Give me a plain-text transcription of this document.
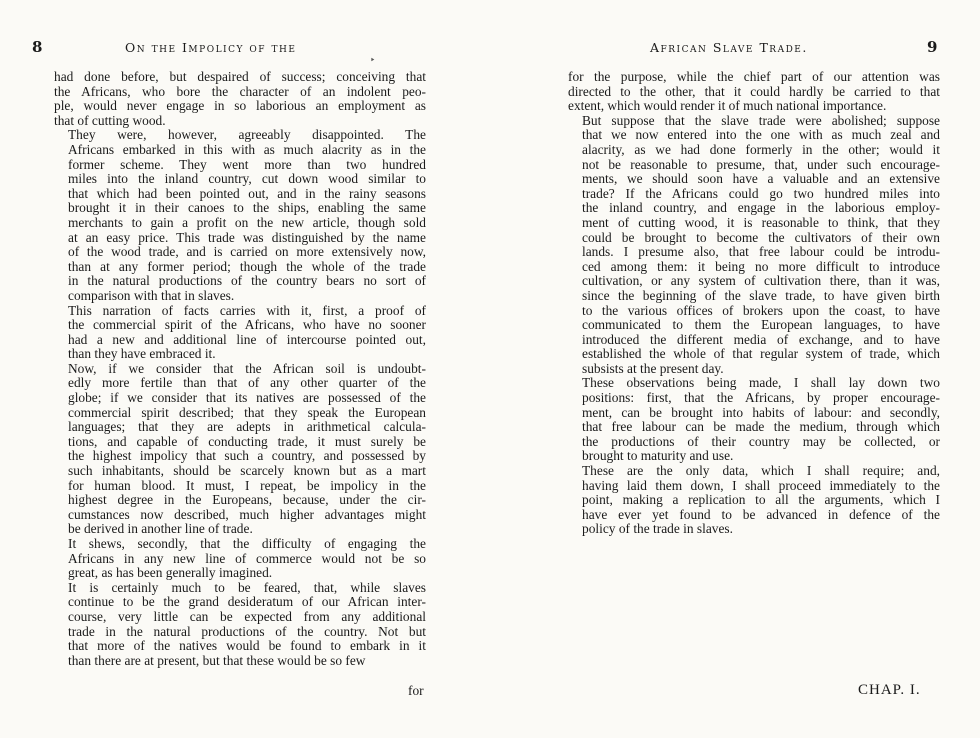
8	On the Impolicy of the
‣

had done before, but despaired of success; conceiving that
the Africans, who bore the character of an indolent peo-
ple, would never engage in so laborious an employment as
that of cutting wood.

They were, however, agreeably disappointed. The
Africans embarked in this with as much alacrity as in the
former scheme. They went more than two hundred
miles into the inland country, cut down wood similar to
that which had been pointed out, and in the rainy seasons
brought it in their canoes to the ships, enabling the same
merchants to gain a profit on the new article, though sold
at an easy price. This trade was distinguished by the name
of the wood trade, and is carried on more extensively now,
than at any former period; though the whole of the trade
in the natural productions of the country bears no sort of
comparison with that in slaves.

This narration of facts carries with it, first, a proof of
the commercial spirit of the Africans, who have no sooner
had a new and additional line of intercourse pointed out,
than they have embraced it.

Now, if we consider that the African soil is undoubt-
edly more fertile than that of any other quarter of the
globe; if we consider that its natives are possessed of the
commercial spirit described; that they speak the European
languages; that they are adepts in arithmetical calcula-
tions, and capable of conducting trade, it must surely be
the highest impolicy that such a country, and possessed by
such inhabitants, should be scarcely known but as a mart
for human blood. It must, I repeat, be impolicy in the
highest degree in the Europeans, because, under the cir-
cumstances now described, much higher advantages might
be derived in another line of trade.

It shews, secondly, that the difficulty of engaging the
Africans in any new line of commerce would not be so
great, as has been generally imagined.

It is certainly much to be feared, that, while slaves
continue to be the grand desideratum of our African inter-
course, very little can be expected from any additional
trade in the natural productions of the country. Not but
that more of the natives would be found to embark in it
than there are at present, but that these would be so few

for
African Slave Trade.	9

for the purpose, while the chief part of our attention was
directed to the other, that it could hardly be carried to that
extent, which would render it of much national importance.

But suppose that the slave trade were abolished; suppose
that we now entered into the one with as much zeal and
alacrity, as we had done formerly in the other; would it
not be reasonable to presume, that, under such encourage-
ments, we should soon have a valuable and an extensive
trade? If the Africans could go two hundred miles into
the inland country, and engage in the laborious employ-
ment of cutting wood, it is reasonable to think, that they
could be brought to become the cultivators of their own
lands. I presume also, that free labour could be introdu-
ced among them: it being no more difficult to introduce
cultivation, or any system of cultivation there, than it was,
since the beginning of the slave trade, to have given birth
to the various offices of brokers upon the coast, to have
communicated to them the European languages, to have
introduced the different media of exchange, and to have
established the whole of that regular system of trade, which
subsists at the present day.

These observations being made, I shall lay down two
positions: first, that the Africans, by proper encourage-
ment, can be brought into habits of labour: and secondly,
that free labour can be made the medium, through which
the productions of their country may be collected, or
brought to maturity and use.

These are the only data, which I shall require; and,
having laid them down, I shall proceed immediately to the
point, making a replication to all the arguments, which I
have ever yet found to be advanced in defence of the
policy of the trade in slaves.

CHAP. I.
